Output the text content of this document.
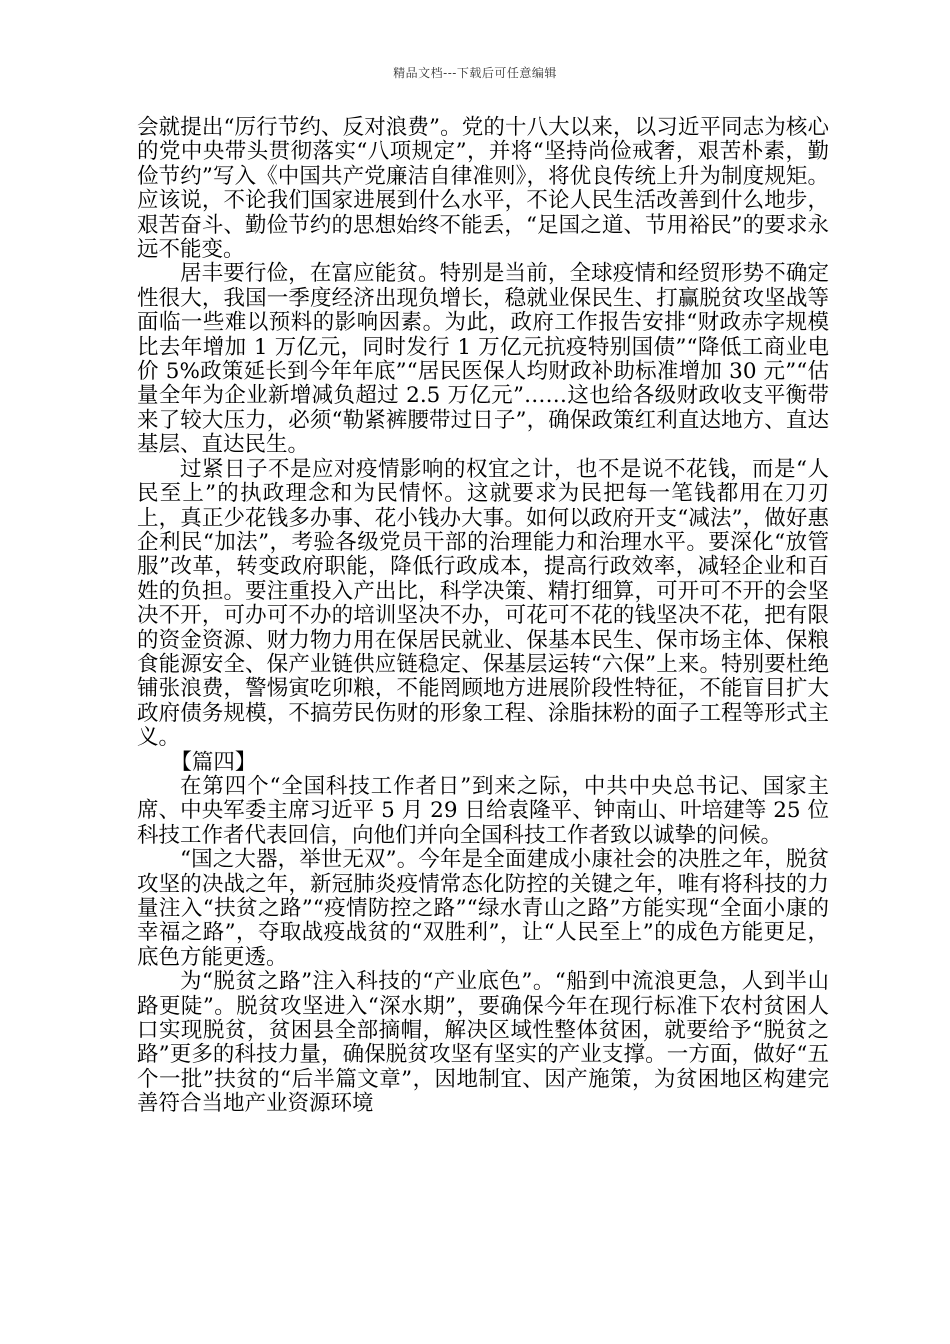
精品文档---下载后可任意编辑

会就提出“厉行节约、反对浪费”。党的十八大以来，以习近平同志为核心的党中央带头贯彻落实“八项规定”，并将“坚持尚俭戒奢，艰苦朴素，勤俭节约”写入《中国共产党廉洁自律准则》，将优良传统上升为制度规矩。应该说，不论我们国家进展到什么水平，不论人民生活改善到什么地步，艰苦奋斗、勤俭节约的思想始终不能丢，“足国之道、节用裕民”的要求永远不能变。

居丰要行俭，在富应能贫。特别是当前，全球疫情和经贸形势不确定性很大，我国一季度经济出现负增长，稳就业保民生、打赢脱贫攻坚战等面临一些难以预料的影响因素。为此，政府工作报告安排“财政赤字规模比去年增加 1 万亿元，同时发行 1 万亿元抗疫特别国债”“降低工商业电价 5%政策延长到今年年底”“居民医保人均财政补助标准增加 30 元”“估量全年为企业新增减负超过 2.5 万亿元”……这也给各级财政收支平衡带来了较大压力，必须“勒紧裤腰带过日子”，确保政策红利直达地方、直达基层、直达民生。

过紧日子不是应对疫情影响的权宜之计，也不是说不花钱，而是“人民至上”的执政理念和为民情怀。这就要求为民把每一笔钱都用在刀刃上，真正少花钱多办事、花小钱办大事。如何以政府开支“减法”，做好惠企利民“加法”，考验各级党员干部的治理能力和治理水平。要深化“放管服”改革，转变政府职能，降低行政成本，提高行政效率，减轻企业和百姓的负担。要注重投入产出比，科学决策、精打细算，可开可不开的会坚决不开，可办可不办的培训坚决不办，可花可不花的钱坚决不花，把有限的资金资源、财力物力用在保居民就业、保基本民生、保市场主体、保粮食能源安全、保产业链供应链稳定、保基层运转“六保”上来。特别要杜绝铺张浪费，警惕寅吃卯粮，不能罔顾地方进展阶段性特征，不能盲目扩大政府债务规模，不搞劳民伤财的形象工程、涂脂抹粉的面子工程等形式主义。

【篇四】

在第四个“全国科技工作者日”到来之际，中共中央总书记、国家主席、中央军委主席习近平 5 月 29 日给袁隆平、钟南山、叶培建等 25 位科技工作者代表回信，向他们并向全国科技工作者致以诚挚的问候。

“国之大器，举世无双”。今年是全面建成小康社会的决胜之年，脱贫攻坚的决战之年，新冠肺炎疫情常态化防控的关键之年，唯有将科技的力量注入“扶贫之路”“疫情防控之路”“绿水青山之路”方能实现“全面小康的幸福之路”，夺取战疫战贫的“双胜利”，让“人民至上”的成色方能更足，底色方能更透。

为“脱贫之路”注入科技的“产业底色”。“船到中流浪更急，人到半山路更陡”。脱贫攻坚进入“深水期”，要确保今年在现行标准下农村贫困人口实现脱贫，贫困县全部摘帽，解决区域性整体贫困，就要给予“脱贫之路”更多的科技力量，确保脱贫攻坚有坚实的产业支撑。一方面，做好“五个一批”扶贫的“后半篇文章”，因地制宜、因产施策，为贫困地区构建完善符合当地产业资源环境
